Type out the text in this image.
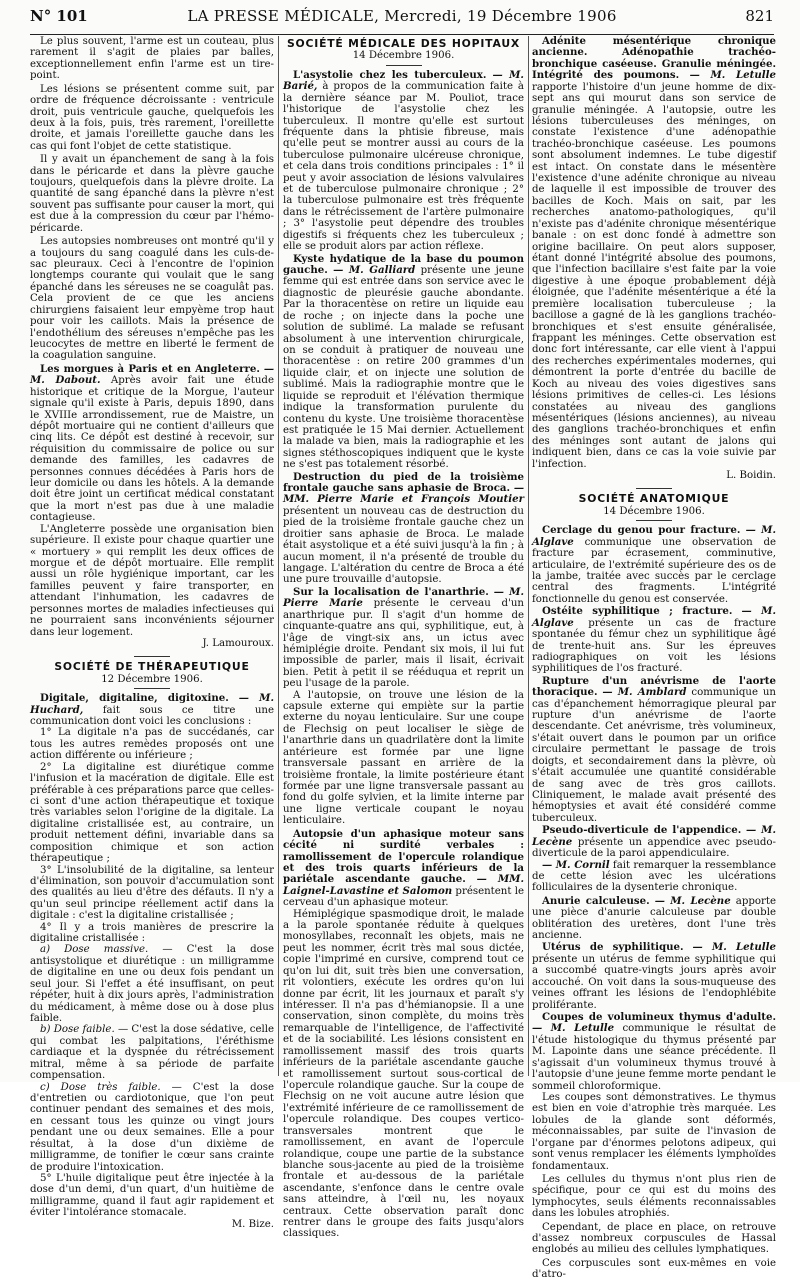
N° 101	LA PRESSE MÉDICALE, Mercredi, 19 Décembre 1906	821

Le plus souvent, l'arme est un couteau, plus rarement il s'agit de plaies par balles, exceptionnellement enfin l'arme est un tire-point.

Les lésions se présentent comme suit, par ordre de fréquence décroissante : ventricule droit, puis ventricule gauche, quelquefois les deux à la fois, puis, très rarement, l'oreillette droite, et jamais l'oreillette gauche dans les cas qui font l'objet de cette statistique.

Il y avait un épanchement de sang à la fois dans le péricarde et dans la plèvre gauche toujours, quelquefois dans la plèvre droite. La quantité de sang épanché dans la plèvre n'est souvent pas suffisante pour causer la mort, qui est due à la compression du cœur par l'hémo-péricarde.

Les autopsies nombreuses ont montré qu'il y a toujours du sang coagulé dans les culs-de-sac pleuraux. Ceci à l'encontre de l'opinion longtemps courante qui voulait que le sang épanché dans les séreuses ne se coagulât pas. Cela provient de ce que les anciens chirurgiens faisaient leur empyème trop haut pour voir les caillots. Mais la présence de l'endothélium des séreuses n'empêche pas les leucocytes de mettre en liberté le ferment de la coagulation sanguine.

Les morgues à Paris et en Angleterre. — M. Dabout. Après avoir fait une étude historique et critique de la Morgue, l'auteur signale qu'il existe à Paris, depuis 1890, dans le XVIIIe arrondissement, rue de Maistre, un dépôt mortuaire qui ne contient d'ailleurs que cinq lits. Ce dépôt est destiné à recevoir, sur réquisition du commissaire de police ou sur demande des familles, les cadavres de personnes connues décédées à Paris hors de leur domicile ou dans les hôtels. A la demande doit être joint un certificat médical constatant que la mort n'est pas due à une maladie contagieuse.

L'Angleterre possède une organisation bien supérieure. Il existe pour chaque quartier une « mortuery » qui remplit les deux offices de morgue et de dépôt mortuaire. Elle remplit aussi un rôle hygiénique important, car les familles peuvent y faire transporter, en attendant l'inhumation, les cadavres de personnes mortes de maladies infectieuses qui ne pourraient sans inconvénients séjourner dans leur logement.

J. Lamouroux.

SOCIÉTÉ DE THÉRAPEUTIQUE
12 Décembre 1906.

Digitale, digitaline, digitoxine. — M. Huchard, fait sous ce titre une communication dont voici les conclusions :

1° La digitale n'a pas de succédanés, car tous les autres remèdes proposés ont une action différente ou inférieure ;

2° La digitaline est diurétique comme l'infusion et la macération de digitale. Elle est préférable à ces préparations parce que celles-ci sont d'une action thérapeutique et toxique très variables selon l'origine de la digitale. La digitaline cristallisée est, au contraire, un produit nettement défini, invariable dans sa composition chimique et son action thérapeutique ;

3° L'insolubilité de la digitaline, sa lenteur d'élimination, son pouvoir d'accumulation sont des qualités au lieu d'être des défauts. Il n'y a qu'un seul principe réellement actif dans la digitale : c'est la digitaline cristallisée ;

4° Il y a trois manières de prescrire la digitaline cristallisée :

a) Dose massive. — C'est la dose antisystolique et diurétique : un milligramme de digitaline en une ou deux fois pendant un seul jour. Si l'effet a été insuffisant, on peut répéter, huit à dix jours après, l'administration du médicament, à même dose ou à dose plus faible.

b) Dose faible. — C'est la dose sédative, celle qui combat les palpitations, l'éréthisme cardiaque et la dyspnée du rétrécissement mitral, même à sa période de parfaite compensation.

c) Dose très faible. — C'est la dose d'entretien ou cardiotonique, que l'on peut continuer pendant des semaines et des mois, en cessant tous les quinze ou vingt jours pendant une ou deux semaines. Elle a pour résultat, à la dose d'un dixième de milligramme, de tonifier le cœur sans crainte de produire l'intoxication.

5° L'huile digitalique peut être injectée à la dose d'un demi, d'un quart, d'un huitième de milligramme, quand il faut agir rapidement et éviter l'intolérance stomacale.

M. Bize.

SOCIÉTÉ MÉDICALE DES HOPITAUX
14 Décembre 1906.

L'asystolie chez les tuberculeux. — M. Barié, à propos de la communication faite à la dernière séance par M. Pouliot, trace l'historique de l'asystolie chez les tuberculeux. Il montre qu'elle est surtout fréquente dans la phtisie fibreuse, mais qu'elle peut se montrer aussi au cours de la tuberculose pulmonaire ulcéreuse chronique, et cela dans trois conditions principales : 1° il peut y avoir association de lésions valvulaires et de tuberculose pulmonaire chronique ; 2° la tuberculose pulmonaire est très fréquente dans le rétrécissement de l'artère pulmonaire ; 3° l'asystolie peut dépendre des troubles digestifs si fréquents chez les tuberculeux ; elle se produit alors par action réflexe.

Kyste hydatique de la base du poumon gauche. — M. Galliard présente une jeune femme qui est entrée dans son service avec le diagnostic de pleurésie gauche abondante. Par la thoracentèse on retire un liquide eau de roche ; on injecte dans la poche une solution de sublimé. La malade se refusant absolument à une intervention chirurgicale, on se conduit à pratiquer de nouveau une thoracentèse : on retire 200 grammes d'un liquide clair, et on injecte une solution de sublimé. Mais la radiographie montre que le liquide se reproduit et l'élévation thermique indique la transformation purulente du contenu du kyste. Une troisième thoracentèse est pratiquée le 15 Mai dernier. Actuellement la malade va bien, mais la radiographie et les signes stéthoscopiques indiquent que le kyste ne s'est pas totalement résorbé.

Destruction du pied de la troisième frontale gauche sans aphasie de Broca. — MM. Pierre Marie et François Moutier présentent un nouveau cas de destruction du pied de la troisième frontale gauche chez un droitier sans aphasie de Broca. Le malade était asystolique et a été suivi jusqu'à la fin ; à aucun moment, il n'a présenté de trouble du langage. L'altération du centre de Broca a été une pure trouvaille d'autopsie.

Sur la localisation de l'anarthrie. — M. Pierre Marie présente le cerveau d'un anarthrique pur. Il s'agit d'un homme de cinquante-quatre ans qui, syphilitique, eut, à l'âge de vingt-six ans, un ictus avec hémiplégie droite. Pendant six mois, il lui fut impossible de parler, mais il lisait, écrivait bien. Petit à petit il se rééduqua et reprit un peu l'usage de la parole.

A l'autopsie, on trouve une lésion de la capsule externe qui empiète sur la partie externe du noyau lenticulaire. Sur une coupe de Flechsig on peut localiser le siège de l'anarthrie dans un quadrilatère dont la limite antérieure est formée par une ligne transversale passant en arrière de la troisième frontale, la limite postérieure étant formée par une ligne transversale passant au fond du golfe sylvien, et la limite interne par une ligne verticale coupant le noyau lenticulaire.

Autopsie d'un aphasique moteur sans cécité ni surdité verbales : ramollissement de l'opercule rolandique et des trois quarts inférieurs de la pariétale ascendante gauche. — MM. Laignel-Lavastine et Salomon présentent le cerveau d'un aphasique moteur.

Hémiplégique spasmodique droit, le malade a la parole spontanée réduite à quelques monosyllabes, reconnaît les objets, mais ne peut les nommer, écrit très mal sous dictée, copie l'imprimé en cursive, comprend tout ce qu'on lui dit, suit très bien une conversation, rit volontiers, exécute les ordres qu'on lui donne par écrit, lit les journaux et paraît s'y intéresser. Il n'a pas d'hémianopsie. Il a une conservation, sinon complète, du moins très remarquable de l'intelligence, de l'affectivité et de la sociabilité. Les lésions consistent en ramollissement massif des trois quarts inférieurs de la pariétale ascendante gauche et ramollissement surtout sous-cortical de l'opercule rolandique gauche. Sur la coupe de Flechsig on ne voit aucune autre lésion que l'extrémité inférieure de ce ramollissement de l'opercule rolandique. Des coupes vertico-transversales montrent que le ramollissement, en avant de l'opercule rolandique, coupe une partie de la substance blanche sous-jacente au pied de la troisième frontale et au-dessous de la pariétale ascendante, s'enfonce dans le centre ovale sans atteindre, à l'œil nu, les noyaux centraux. Cette observation paraît donc rentrer dans le groupe des faits jusqu'alors classiques.

Adénite mésentérique chronique ancienne. Adénopathie trachéo-bronchique caséeuse. Granulie méningée. Intégrité des poumons. — M. Letulle rapporte l'histoire d'un jeune homme de dix-sept ans qui mourut dans son service de granulie méningée. A l'autopsie, outre les lésions tuberculeuses des méninges, on constate l'existence d'une adénopathie trachéo-bronchique caséeuse. Les poumons sont absolument indemnes. Le tube digestif est intact. On constate dans le mésentère l'existence d'une adénite chronique au niveau de laquelle il est impossible de trouver des bacilles de Koch. Mais on sait, par les recherches anatomo-pathologiques, qu'il n'existe pas d'adénite chronique mésentérique banale : on est donc fondé à admettre son origine bacillaire. On peut alors supposer, étant donné l'intégrité absolue des poumons, que l'infection bacillaire s'est faite par la voie digestive à une époque probablement déjà éloignée, que l'adénite mésentérique a été la première localisation tuberculeuse ; la bacillose a gagné de là les ganglions trachéo-bronchiques et s'est ensuite généralisée, frappant les méninges. Cette observation est donc fort intéressante, car elle vient à l'appui des recherches expérimentales modernes, qui démontrent la porte d'entrée du bacille de Koch au niveau des voies digestives sans lésions primitives de celles-ci. Les lésions constatées au niveau des ganglions mésentériques (lésions anciennes), au niveau des ganglions trachéo-bronchiques et enfin des méninges sont autant de jalons qui indiquent bien, dans ce cas la voie suivie par l'infection.

L. Boidin.

SOCIÉTÉ ANATOMIQUE
14 Décembre 1906.

Cerclage du genou pour fracture. — M. Alglave communique une observation de fracture par écrasement, comminutive, articulaire, de l'extrémité supérieure des os de la jambe, traitée avec succès par le cerclage central des fragments. L'intégrité fonctionnelle du genou est conservée.

Ostéite syphilitique ; fracture. — M. Alglave présente un cas de fracture spontanée du fémur chez un syphilitique âgé de trente-huit ans. Sur les épreuves radiographiques on voit les lésions syphilitiques de l'os fracturé.

Rupture d'un anévrisme de l'aorte thoracique. — M. Amblard communique un cas d'épanchement hémorragique pleural par rupture d'un anévrisme de l'aorte descendante. Cet anévrisme, très volumineux, s'était ouvert dans le poumon par un orifice circulaire permettant le passage de trois doigts, et secondairement dans la plèvre, où s'était accumulée une quantité considérable de sang avec de très gros caillots. Cliniquement, le malade avait présenté des hémoptysies et avait été considéré comme tuberculeux.

Pseudo-diverticule de l'appendice. — M. Lecène présente un appendice avec pseudo-diverticule de la paroi appendiculaire.

— M. Cornil fait remarquer la ressemblance de cette lésion avec les ulcérations folliculaires de la dysenterie chronique.

Anurie calculeuse. — M. Lecène apporte une pièce d'anurie calculeuse par double oblitération des uretères, dont l'une très ancienne.

Utérus de syphilitique. — M. Letulle présente un utérus de femme syphilitique qui a succombé quatre-vingts jours après avoir accouché. On voit dans la sous-muqueuse des veines offrant les lésions de l'endophlébite proliférante.

Coupes de volumineux thymus d'adulte. — M. Letulle communique le résultat de l'étude histologique du thymus présenté par M. Lapointe dans une séance précédente. Il s'agissait d'un volumineux thymus trouvé à l'autopsie d'une jeune femme morte pendant le sommeil chloroformique.

Les coupes sont démonstratives. Le thymus est bien en voie d'atrophie très marquée. Les lobules de la glande sont déformés, méconnaissables, par suite de l'invasion de l'organe par d'énormes pelotons adipeux, qui sont venus remplacer les éléments lymphoïdes fondamentaux.

Les cellules du thymus n'ont plus rien de spécifique, pour ce qui est du moins des lymphocytes, seuls éléments reconnaissables dans les lobules atrophiés.

Cependant, de place en place, on retrouve d'assez nombreux corpuscules de Hassal englobés au milieu des cellules lymphatiques.

Ces corpuscules sont eux-mêmes en voie d'atro-
